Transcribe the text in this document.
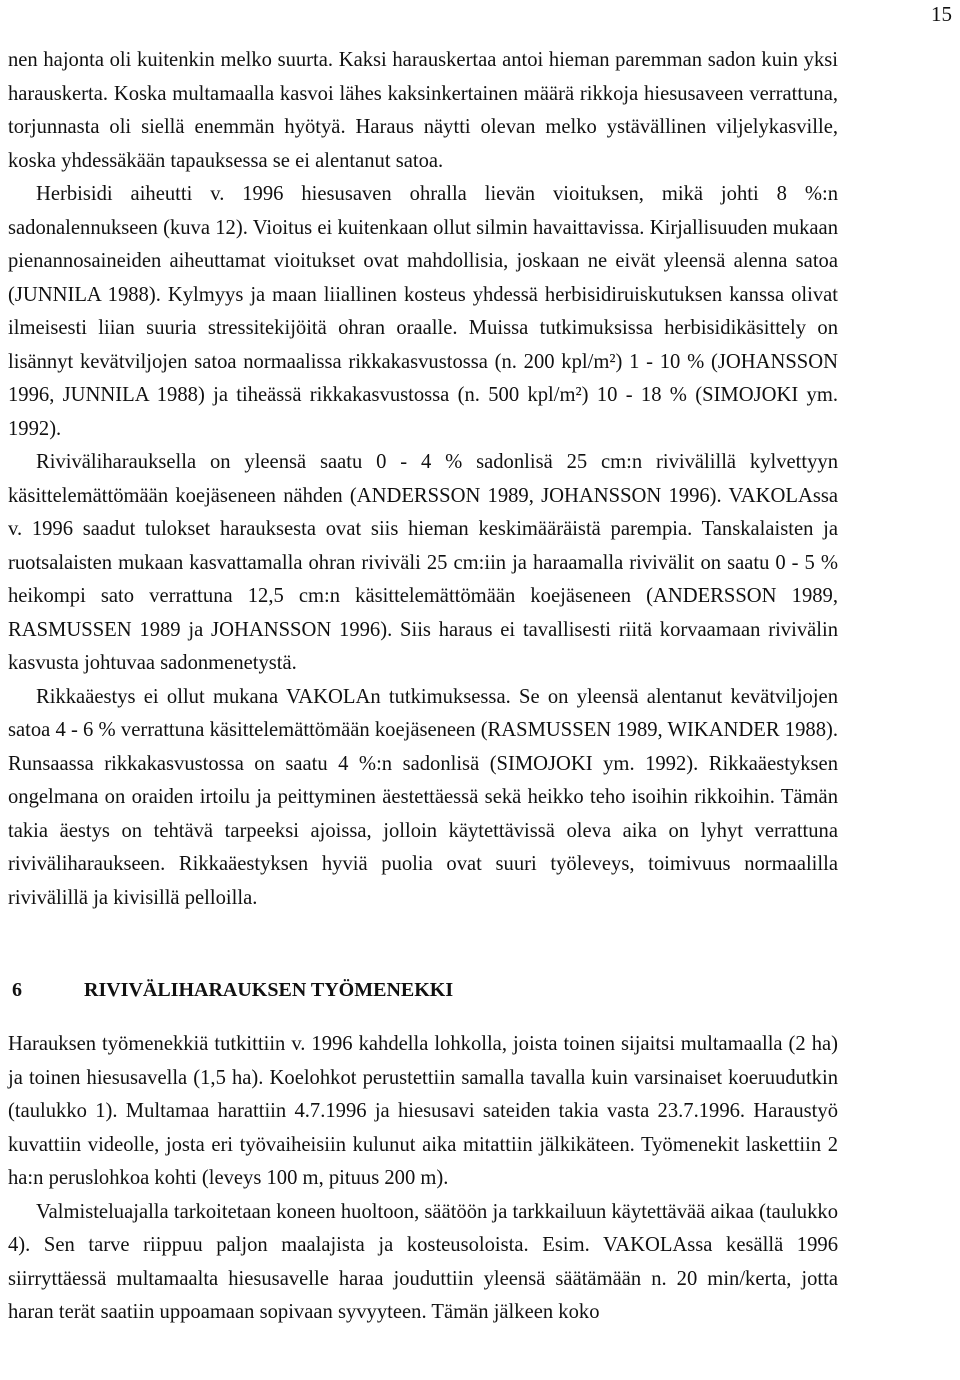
15

nen hajonta oli kuitenkin melko suurta. Kaksi harauskertaa antoi hieman paremman sadon kuin yksi harauskerta. Koska multamaalla kasvoi lähes kaksinkertainen määrä rikkoja hiesusaveen verrattuna, torjunnasta oli siellä enemmän hyötyä. Haraus näytti olevan melko ystävällinen viljelykasville, koska yhdessäkään tapauksessa se ei alentanut satoa.

Herbisidi aiheutti v. 1996 hiesusaven ohralla lievän vioituksen, mikä johti 8 %:n sadonalennukseen (kuva 12). Vioitus ei kuitenkaan ollut silmin havaittavissa. Kirjallisuuden mukaan pienannosaineiden aiheuttamat vioitukset ovat mahdollisia, joskaan ne eivät yleensä alenna satoa (JUNNILA 1988). Kylmyys ja maan liiallinen kosteus yhdessä herbisidiruiskutuksen kanssa olivat ilmeisesti liian suuria stressitekijöitä ohran oraalle. Muissa tutkimuksissa herbisidikäsittely on lisännyt kevätviljojen satoa normaalissa rikkakasvustossa (n. 200 kpl/m²) 1 - 10 % (JOHANSSON 1996, JUNNILA 1988) ja tiheässä rikkakasvustossa (n. 500 kpl/m²) 10 - 18 % (SIMOJOKI ym. 1992).

Riviväliharauksella on yleensä saatu 0 - 4 % sadonlisä 25 cm:n rivivälillä kylvettyyn käsittelemättömään koejäseneen nähden (ANDERSSON 1989, JOHANSSON 1996). VAKOLAssa v. 1996 saadut tulokset harauksesta ovat siis hieman keskimääräistä parempia. Tanskalaisten ja ruotsalaisten mukaan kasvattamalla ohran riviväli 25 cm:iin ja haraamalla rivivälit on saatu 0 - 5 % heikompi sato verrattuna 12,5 cm:n käsittelemättömään koejäseneen (ANDERSSON 1989, RASMUSSEN 1989 ja JOHANSSON 1996). Siis haraus ei tavallisesti riitä korvaamaan rivivälin kasvusta johtuvaa sadonmenetystä.

Rikkaäestys ei ollut mukana VAKOLAn tutkimuksessa. Se on yleensä alentanut kevätviljojen satoa 4 - 6 % verrattuna käsittelemättömään koejäseneen (RASMUSSEN 1989, WIKANDER 1988). Runsaassa rikkakasvustossa on saatu 4 %:n sadonlisä (SIMOJOKI ym. 1992). Rikkaäestyksen ongelmana on oraiden irtoilu ja peittyminen äestettäessä sekä heikko teho isoihin rikkoihin. Tämän takia äestys on tehtävä tarpeeksi ajoissa, jolloin käytettävissä oleva aika on lyhyt verrattuna riviväliharaukseen. Rikkaäestyksen hyviä puolia ovat suuri työleveys, toimivuus normaalilla rivivälillä ja kivisillä pelloilla.

6	RIVIVÄLIHARAUKSEN TYÖMENEKKI

Harauksen työmenekkiä tutkittiin v. 1996 kahdella lohkolla, joista toinen sijaitsi multamaalla (2 ha) ja toinen hiesusavella (1,5 ha). Koelohkot perustettiin samalla tavalla kuin varsinaiset koeruudutkin (taulukko 1). Multamaa harattiin 4.7.1996 ja hiesusavi sateiden takia vasta 23.7.1996. Haraustyö kuvattiin videolle, josta eri työvaiheisiin kulunut aika mitattiin jälkikäteen. Työmenekit laskettiin 2 ha:n peruslohkoa kohti (leveys 100 m, pituus 200 m).

Valmisteluajalla tarkoitetaan koneen huoltoon, säätöön ja tarkkailuun käytettävää aikaa (taulukko 4). Sen tarve riippuu paljon maalajista ja kosteusoloista. Esim. VAKOLAssa kesällä 1996 siirryttäessä multamaalta hiesusavelle haraa jouduttiin yleensä säätämään n. 20 min/kerta, jotta haran terät saatiin uppoamaan sopivaan syvyyteen. Tämän jälkeen koko
